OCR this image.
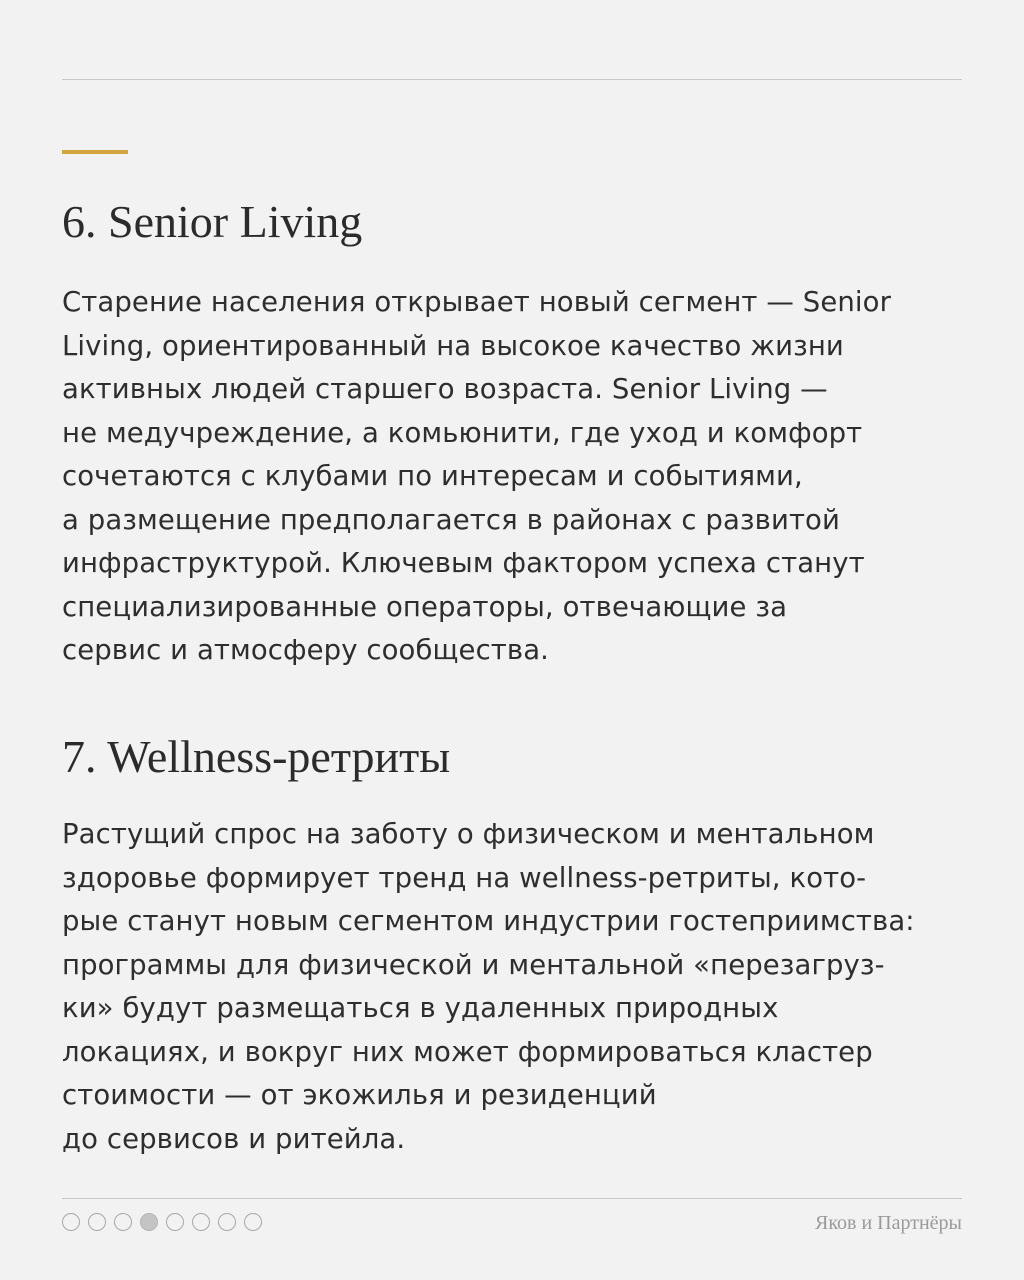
6. Senior Living
Старение населения открывает новый сегмент — Senior
Living, ориентированный на высокое качество жизни
активных людей старшего возраста. Senior Living —
не медучреждение, а комьюнити, где уход и комфорт
сочетаются с клубами по интересам и событиями,
а размещение предполагается в районах с развитой
инфраструктурой. Ключевым фактором успеха станут
специализированные операторы, отвечающие за
сервис и атмосферу сообщества.
7. Wellness-ретриты
Растущий спрос на заботу о физическом и ментальном
здоровье формирует тренд на wellness-ретриты, кото-
рые станут новым сегментом индустрии гостеприимства:
программы для физической и ментальной «перезагруз-
ки» будут размещаться в удаленных природных
локациях, и вокруг них может формироваться кластер
стоимости — от экожилья и резиденций
до сервисов и ритейла.
Яков и Партнёры
